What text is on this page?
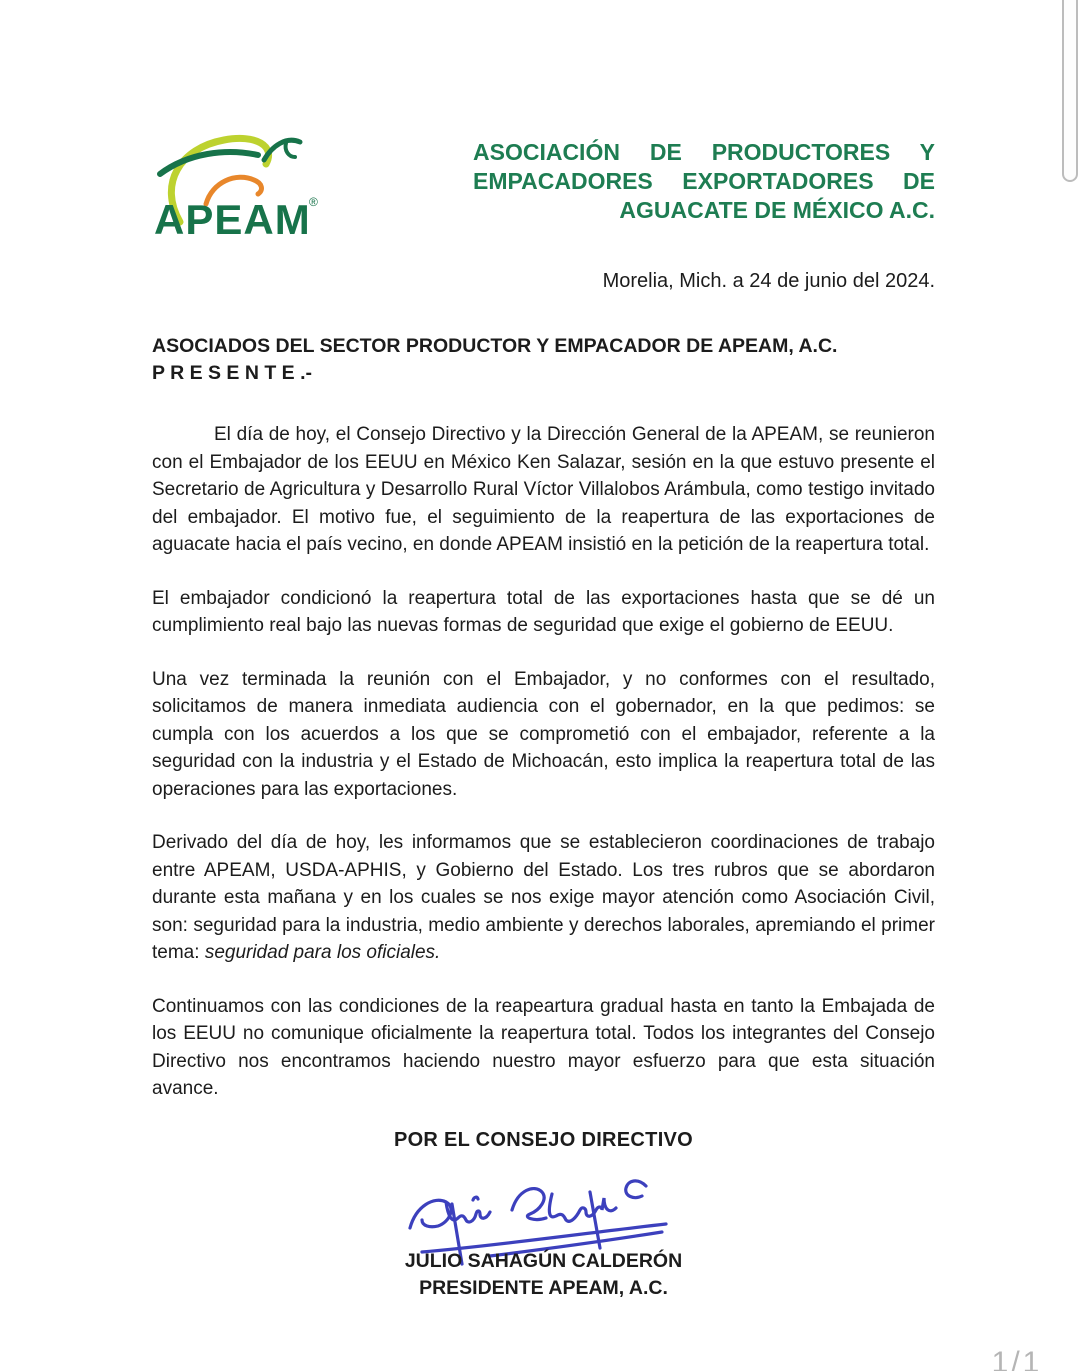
APEAM
®
ASOCIACIÓN DE PRODUCTORES Y
EMPACADORES EXPORTADORES DE
AGUACATE DE MÉXICO A.C.
Morelia, Mich. a 24 de junio del 2024.
ASOCIADOS DEL SECTOR PRODUCTOR Y EMPACADOR DE APEAM, A.C.
P R E S E N T E .-

El día de hoy, el Consejo Directivo y la Dirección General de la APEAM, se reunieron con el Embajador de los EEUU en México Ken Salazar, sesión en la que estuvo presente el Secretario de Agricultura y Desarrollo Rural Víctor Villalobos Arámbula, como testigo invitado del embajador. El motivo fue, el seguimiento de la reapertura de las exportaciones de aguacate hacia el país vecino, en donde APEAM insistió en la petición de la reapertura total.

El embajador condicionó la reapertura total de las exportaciones hasta que se dé un cumplimiento real bajo las nuevas formas de seguridad que exige el gobierno de EEUU.

Una vez terminada la reunión con el Embajador, y no conformes con el resultado, solicitamos de manera inmediata audiencia con el gobernador, en la que pedimos: se cumpla con los acuerdos a los que se comprometió con el embajador, referente a la seguridad con la industria y el Estado de Michoacán, esto implica la reapertura total de las operaciones para las exportaciones.

Derivado del día de hoy, les informamos que se establecieron coordinaciones de trabajo entre APEAM, USDA-APHIS, y Gobierno del Estado. Los tres rubros que se abordaron durante esta mañana y en los cuales se nos exige mayor atención como Asociación Civil, son: seguridad para la industria, medio ambiente y derechos laborales, apremiando el primer tema: seguridad para los oficiales.

Continuamos con las condiciones de la reapeartura gradual hasta en tanto la Embajada de los EEUU no comunique oficialmente la reapertura total. Todos los integrantes del Consejo Directivo nos encontramos haciendo nuestro mayor esfuerzo para que esta situación avance.

POR EL CONSEJO DIRECTIVO
JULIO SAHAGÚN CALDERÓN
PRESIDENTE APEAM, A.C.
1/1
